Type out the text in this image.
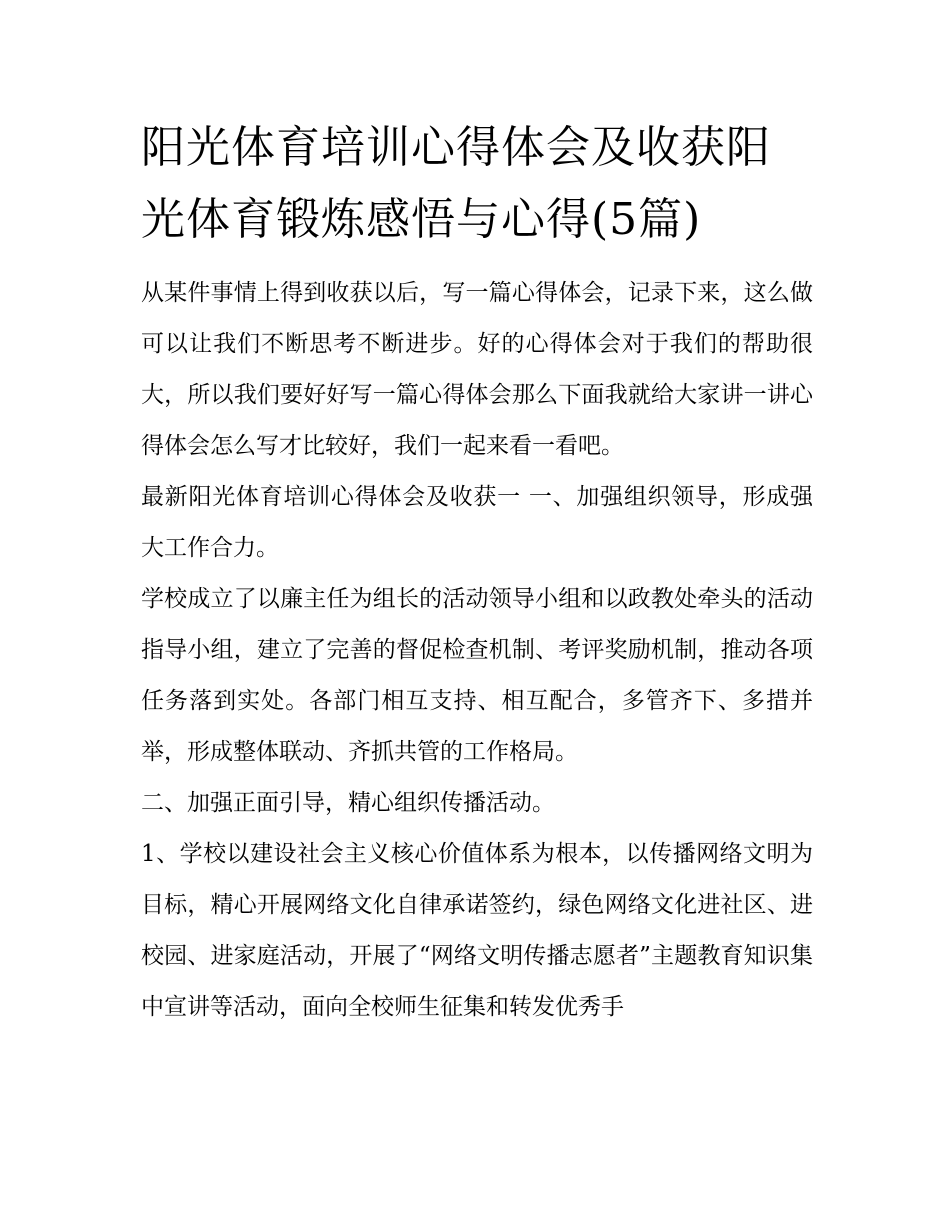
阳光体育培训心得体会及收获阳光体育锻炼感悟与心得(5篇)

从某件事情上得到收获以后，写一篇心得体会，记录下来，这么做可以让我们不断思考不断进步。好的心得体会对于我们的帮助很大，所以我们要好好写一篇心得体会那么下面我就给大家讲一讲心得体会怎么写才比较好，我们一起来看一看吧。

最新阳光体育培训心得体会及收获一 一、加强组织领导，形成强大工作合力。

学校成立了以廉主任为组长的活动领导小组和以政教处牵头的活动指导小组，建立了完善的督促检查机制、考评奖励机制，推动各项任务落到实处。各部门相互支持、相互配合，多管齐下、多措并举，形成整体联动、齐抓共管的工作格局。

二、加强正面引导，精心组织传播活动。

1、学校以建设社会主义核心价值体系为根本，以传播网络文明为目标，精心开展网络文化自律承诺签约，绿色网络文化进社区、进校园、进家庭活动，开展了“网络文明传播志愿者”主题教育知识集中宣讲等活动，面向全校师生征集和转发优秀手
